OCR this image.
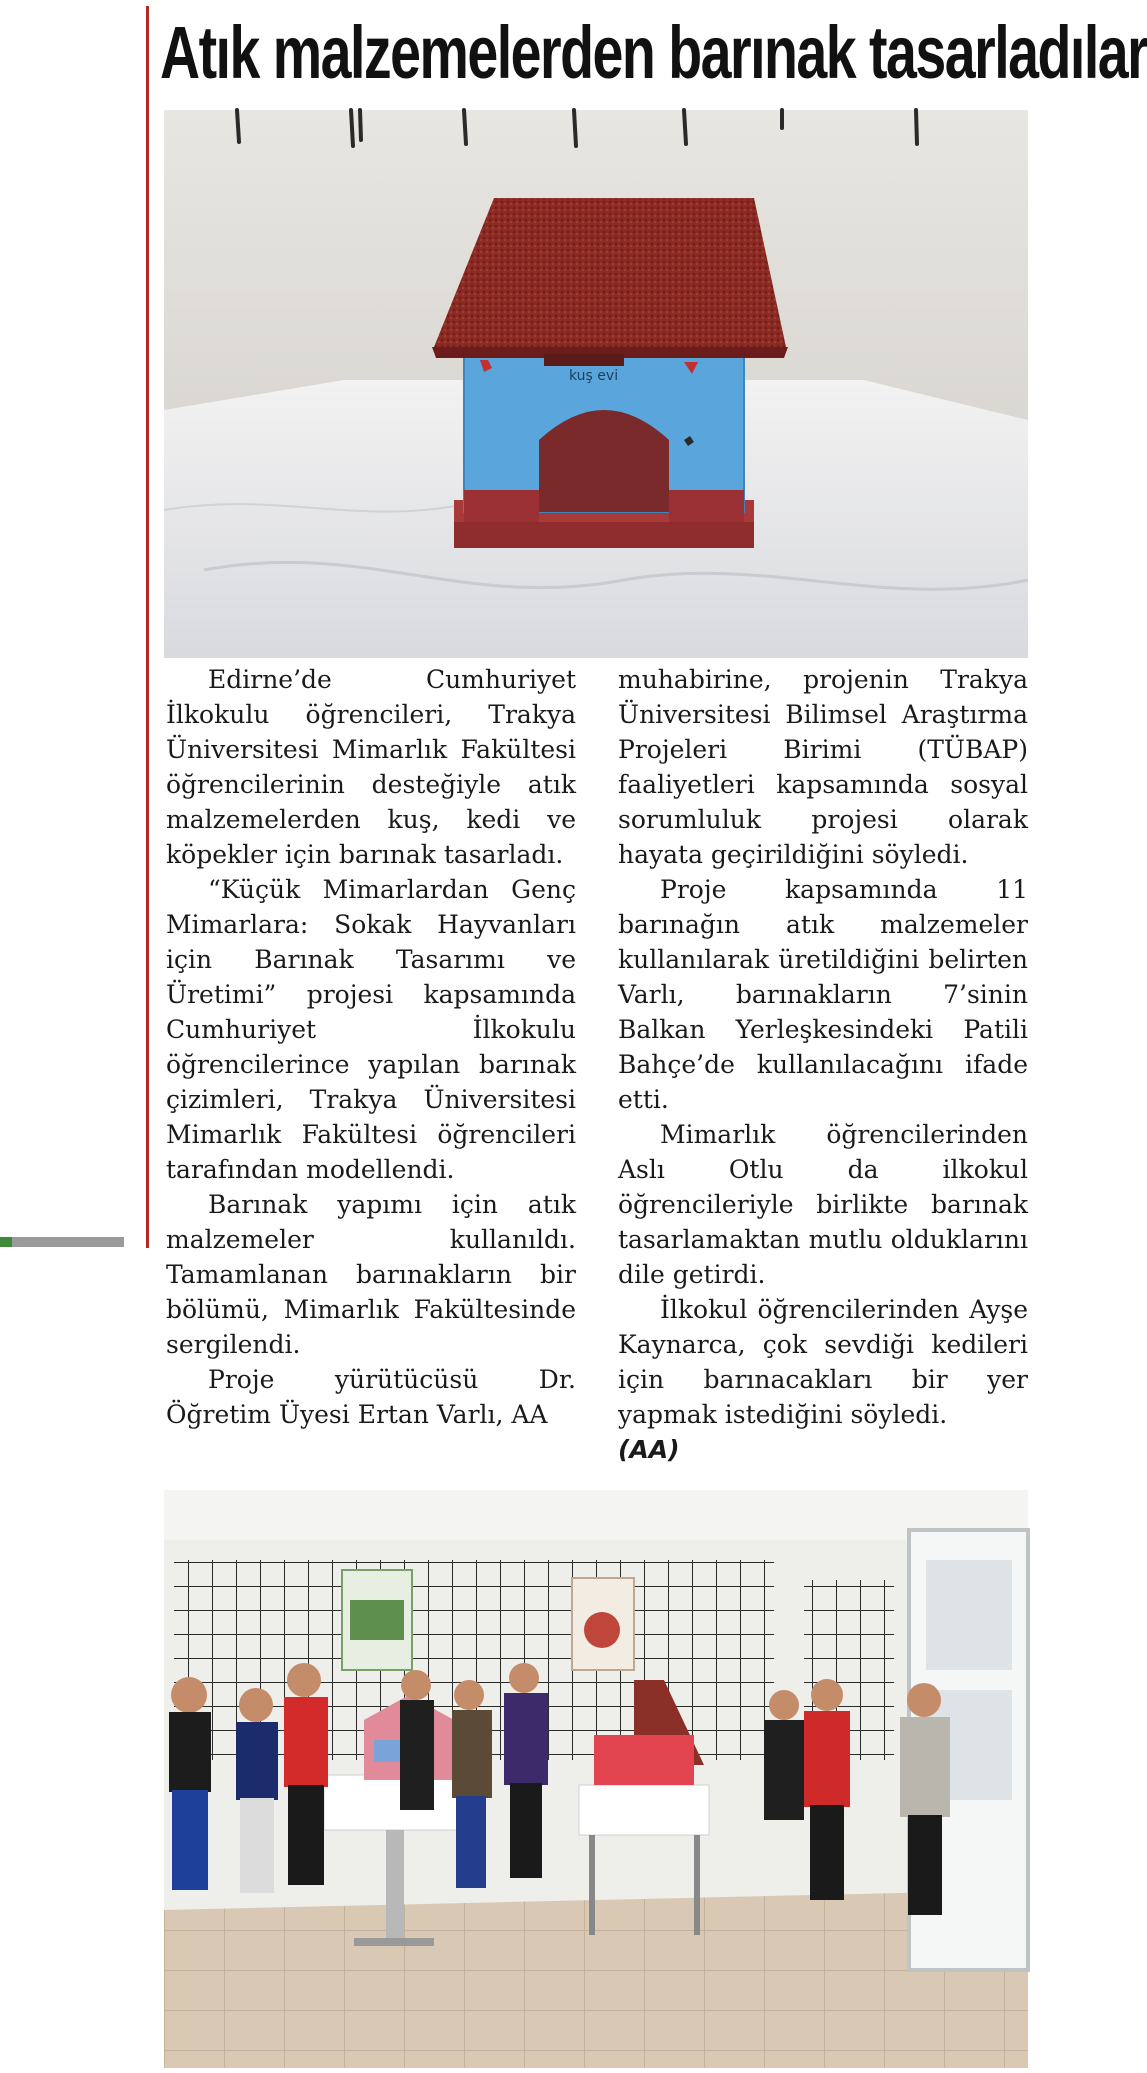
Atık malzemelerden barınak tasarladılar
kuş evi

Edirne’de Cumhuriyet İlkokulu öğrencileri, Trakya Üniversitesi Mimarlık Fakültesi öğrencilerinin desteğiyle atık malzemelerden kuş, kedi ve köpekler için barınak tasarladı.

“Küçük Mimarlardan Genç Mimarlara: Sokak Hayvanları için Barınak Tasarımı ve Üretimi” projesi kapsamında Cumhuriyet İlkokulu öğrencilerince yapılan barınak çizimleri, Trakya Üniversitesi Mimarlık Fakültesi öğrencileri tarafından modellendi.

Barınak yapımı için atık malzemeler kullanıldı. Tamamlanan barınakların bir bölümü, Mimarlık Fakültesinde sergilendi.

Proje yürütücüsü Dr. Öğretim Üyesi Ertan Varlı, AA

muhabirine, projenin Trakya Üniversitesi Bilimsel Araştırma Projeleri Birimi (TÜBAP) faaliyetleri kapsamında sosyal sorumluluk projesi olarak hayata geçirildiğini söyledi.

Proje kapsamında 11 barınağın atık malzemeler kullanılarak üretildiğini belirten Varlı, barınakların 7’sinin Balkan Yerleşkesindeki Patili Bahçe’de kullanılacağını ifade etti.

Mimarlık öğrencilerinden Aslı Otlu da ilkokul öğrencileriyle birlikte barınak tasarlamaktan mutlu olduklarını dile getirdi.

İlkokul öğrencilerinden Ayşe Kaynarca, çok sevdiği kedileri için barınacakları bir yer yapmak istediğini söyledi.

(AA)
